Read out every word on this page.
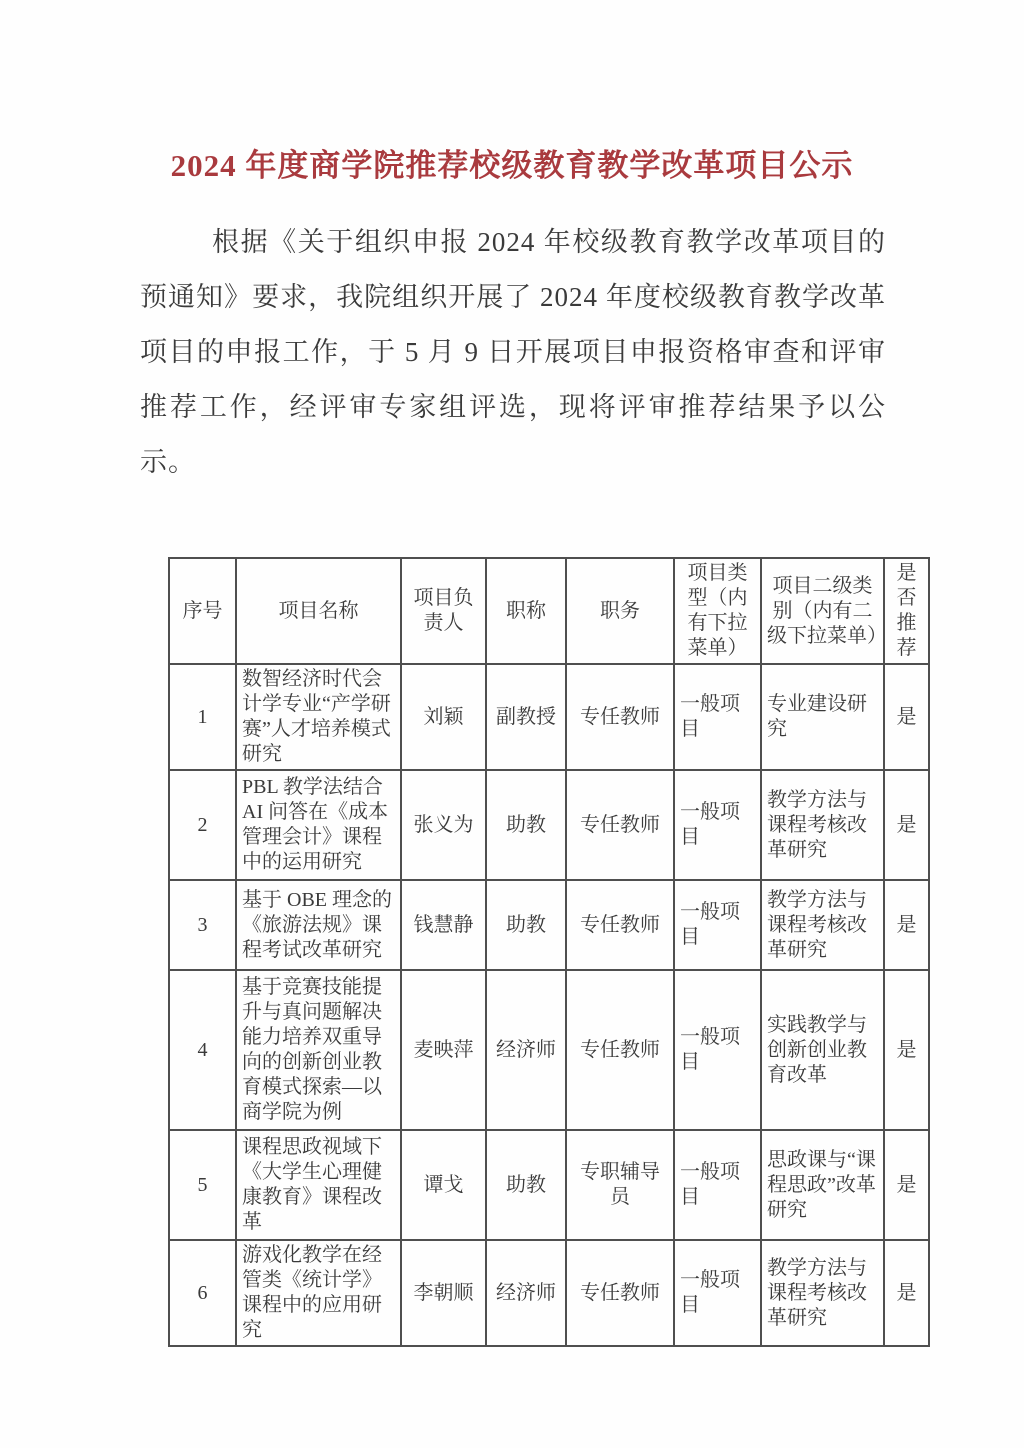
2024 年度商学院推荐校级教育教学改革项目公示
根据《关于组织申报 2024 年校级教育教学改革项目的预通知》要求，我院组织开展了 2024 年度校级教育教学改革项目的申报工作，于 5 月 9 日开展项目申报资格审查和评审推荐工作，经评审专家组评选，现将评审推荐结果予以公示。
序号	项目名称	项目负责人	职称	职务	项目类型（内有下拉菜单）	项目二级类别（内有二级下拉菜单）	是否推荐
1	数智经济时代会计学专业“产学研赛”人才培养模式研究	刘颖	副教授	专任教师	一般项目	专业建设研究	是
2	PBL 教学法结合 AI 问答在《成本管理会计》课程中的运用研究	张义为	助教	专任教师	一般项目	教学方法与课程考核改革研究	是
3	基于 OBE 理念的《旅游法规》课程考试改革研究	钱慧静	助教	专任教师	一般项目	教学方法与课程考核改革研究	是
4	基于竞赛技能提升与真问题解决能力培养双重导向的创新创业教育模式探索—以商学院为例	麦映萍	经济师	专任教师	一般项目	实践教学与创新创业教育改革	是
5	课程思政视域下《大学生心理健康教育》课程改革	谭戈	助教	专职辅导员	一般项目	思政课与“课程思政”改革研究	是
6	游戏化教学在经管类《统计学》课程中的应用研究	李朝顺	经济师	专任教师	一般项目	教学方法与课程考核改革研究	是
